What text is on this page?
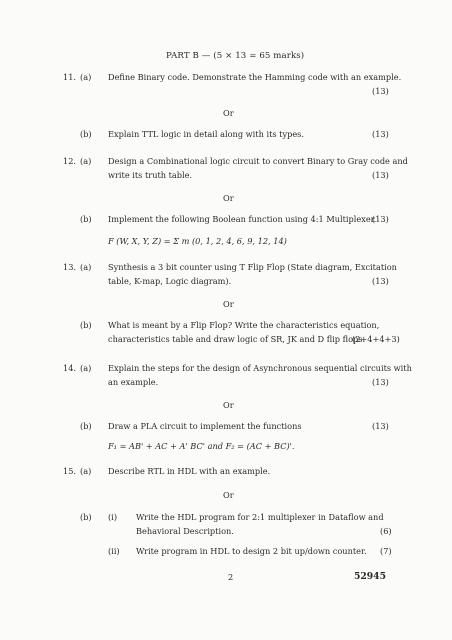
PART B — (5 × 13 = 65 marks)
11. (a) Define Binary code. Demonstrate the Hamming code with an example.
(13)
Or
(b) Explain TTL logic in detail along with its types.	(13)
12. (a) Design a Combinational logic circuit to convert Binary to Gray code and
write its truth table.	(13)
Or
(b) Implement the following Boolean function using 4:1 Multiplexer.
(13)
F (W, X, Y, Z) = Σ m (0, 1, 2, 4, 6, 9, 12, 14)
13. (a) Synthesis a 3 bit counter using T Flip Flop (State diagram, Excitation
table, K-map, Logic diagram).	(13)
Or
(b) What is meant by a Flip Flop? Write the characteristics equation,
characteristics table and draw logic of SR, JK and D flip flops.
(2+4+4+3)
14. (a) Explain the steps for the design of Asynchronous sequential circuits with
an example.	(13)
Or
(b) Draw a PLA circuit to implement the functions	(13)
F₁ = AB' + AC + A' BC' and F₂ = (AC + BC)'.
15. (a) Describe RTL in HDL with an example.
Or
(b) (i) Write the HDL program for 2:1 multiplexer in Dataflow and
Behavioral Description.	(6)
(ii) Write program in HDL to design 2 bit up/down counter. (7)
2	52945
